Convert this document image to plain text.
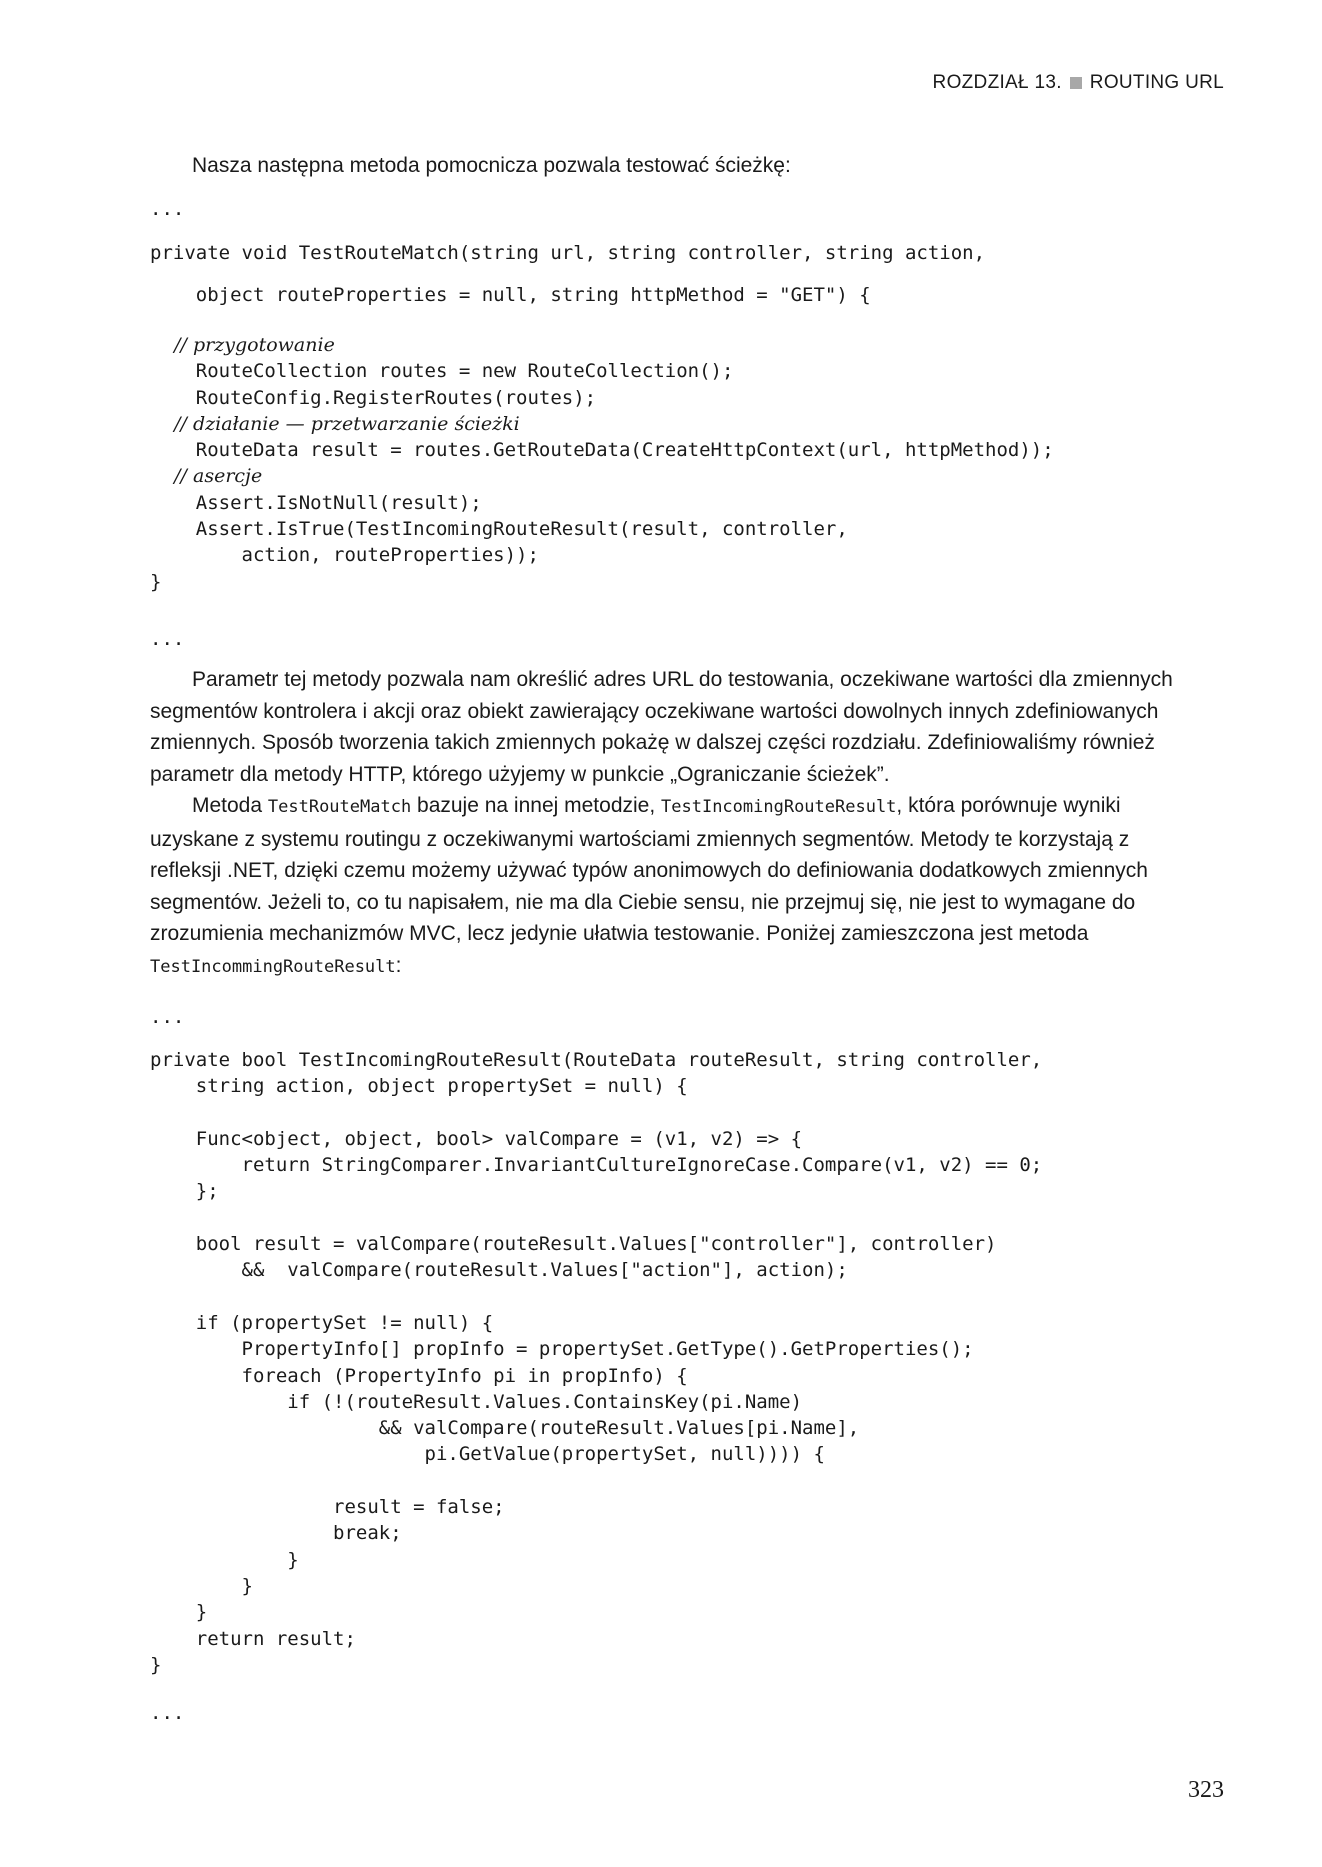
ROZDZIAŁ 13. ROUTING URL

Nasza następna metoda pomocnicza pozwala testować ścieżkę:

...
private void TestRouteMatch(string url, string controller, string action,

object routeProperties = null, string httpMethod = "GET") {
// przygotowanie
RouteCollection routes = new RouteCollection();
RouteConfig.RegisterRoutes(routes);
// działanie — przetwarzanie ścieżki
RouteData result = routes.GetRouteData(CreateHttpContext(url, httpMethod));
// asercje
Assert.IsNotNull(result);
Assert.IsTrue(TestIncomingRouteResult(result, controller,
action, routeProperties));
}
...

Parametr tej metody pozwala nam określić adres URL do testowania, oczekiwane wartości dla zmiennych segmentów kontrolera i akcji oraz obiekt zawierający oczekiwane wartości dowolnych innych zdefiniowanych zmiennych. Sposób tworzenia takich zmiennych pokażę w dalszej części rozdziału. Zdefiniowaliśmy również parametr dla metody HTTP, którego użyjemy w punkcie „Ograniczanie ścieżek”.

Metoda TestRouteMatch bazuje na innej metodzie, TestIncomingRouteResult, która porównuje wyniki uzyskane z systemu routingu z oczekiwanymi wartościami zmiennych segmentów. Metody te korzystają z refleksji .NET, dzięki czemu możemy używać typów anonimowych do definiowania dodatkowych zmiennych segmentów. Jeżeli to, co tu napisałem, nie ma dla Ciebie sensu, nie przejmuj się, nie jest to wymagane do zrozumienia mechanizmów MVC, lecz jedynie ułatwia testowanie. Poniżej zamieszczona jest metoda
TestIncommingRouteResult:

...
private bool TestIncomingRouteResult(RouteData routeResult, string controller,
string action, object propertySet = null) {

Func<object, object, bool> valCompare = (v1, v2) => {
return StringComparer.InvariantCultureIgnoreCase.Compare(v1, v2) == 0;
};

bool result = valCompare(routeResult.Values["controller"], controller)
&&  valCompare(routeResult.Values["action"], action);

if (propertySet != null) {
PropertyInfo[] propInfo = propertySet.GetType().GetProperties();
foreach (PropertyInfo pi in propInfo) {
if (!(routeResult.Values.ContainsKey(pi.Name)
&& valCompare(routeResult.Values[pi.Name],
pi.GetValue(propertySet, null)))) {

result = false;
break;
}
}
}
return result;
}
...
323
